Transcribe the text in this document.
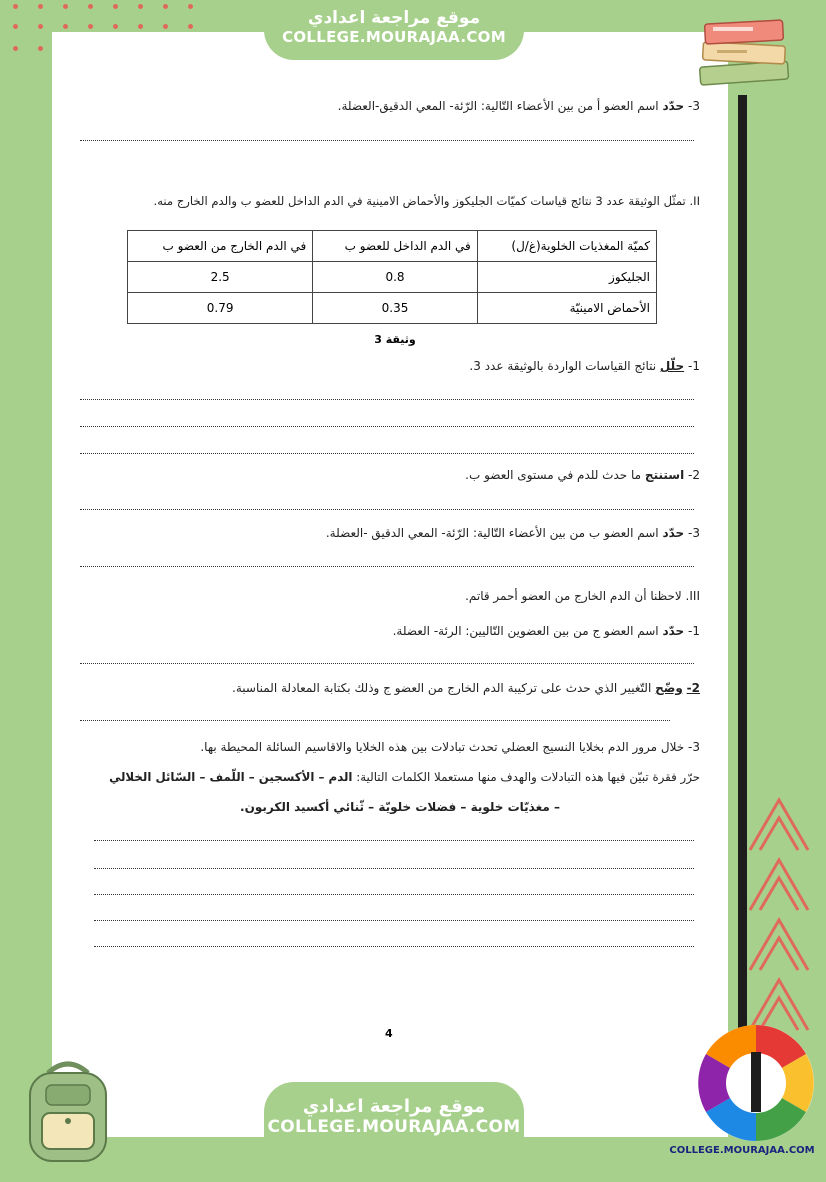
موقع مراجعة اعدادي
COLLEGE.MOURAJAA.COM
3- حدّد اسم العضو أ من بين الأعضاء التّالية: الرّئة- المعي الدقيق-العضلة.
II. تمثّل الوثيقة عدد 3 نتائج قياسات كميّات الجليكوز والأحماض الامينية في الدم الداخل للعضو ب والدم الخارج منه.
كميّة المغذيات الخلوية(غ/ل)	في الدم الداخل للعضو ب	في الدم الخارج من العضو ب
الجليكوز	0.8	2.5
الأحماض الامينيّة	0.35	0.79
وثيقة 3
1- حلّل نتائج القياسات الواردة بالوثيقة عدد 3.
2- استنتج ما حدث للدم في مستوى العضو ب.
3- حدّد اسم العضو ب من بين الأعضاء التّالية: الرّئة- المعي الدقيق -العضلة.
III. لاحظنا أن الدم الخارج من العضو أحمر قاتم.
1- حدّد اسم العضو ج من بين العضوين التّاليين: الرئة- العضلة.
2- وضّح التّغيير الذي حدث على تركيبة الدم الخارج من العضو ج وذلك بكتابة المعادلة المناسبة.
3- خلال مرور الدم بخلايا النسيج العضلي تحدث تبادلات بين هذه الخلايا والاقاسيم السائلة المحيطة بها.
حرّر فقرة تبيّن فيها هذه التبادلات والهدف منها مستعملا الكلمات التالية: الدم – الأكسجين – اللّمف – السّائل الخلالي
– مغذيّات خلوية – فضلات خلويّة – ثّنائي أكسيد الكربون.
4
موقع مراجعة اعدادي
COLLEGE.MOURAJAA.COM
COLLEGE.MOURAJAA.COM
